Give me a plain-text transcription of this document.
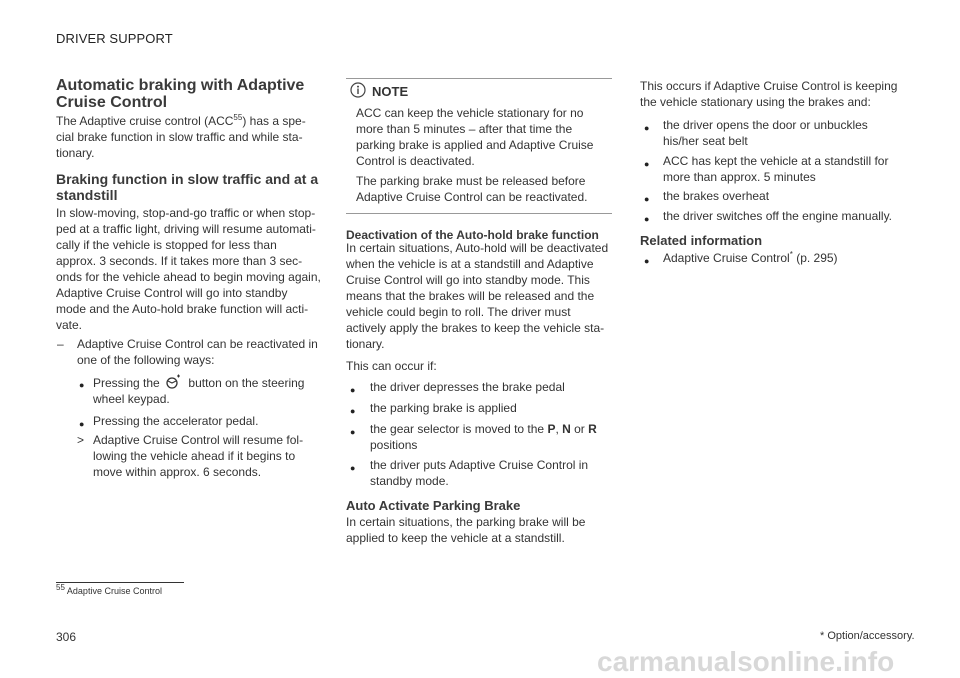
DRIVER SUPPORT
Automatic braking with Adaptive
Cruise Control
The Adaptive cruise control (ACC$^{55}$) has a spe-
cial brake function in slow traffic and while sta-
tionary.
Braking function in slow traffic and at a
standstill
In slow-moving, stop-and-go traffic or when stop-
ped at a traffic light, driving will resume automati-
cally if the vehicle is stopped for less than
approx. 3 seconds. If it takes more than 3 sec-
onds for the vehicle ahead to begin moving again,
Adaptive Cruise Control will go into standby
mode and the Auto-hold brake function will acti-
vate.
– Adaptive Cruise Control can be reactivated in
one of the following ways:
● Pressing the button on the steering
wheel keypad.
● Pressing the accelerator pedal.
> Adaptive Cruise Control will resume fol-
lowing the vehicle ahead if it begins to
move within approx. 6 seconds.
NOTE
ACC can keep the vehicle stationary for no
more than 5 minutes – after that time the
parking brake is applied and Adaptive Cruise
Control is deactivated.
The parking brake must be released before
Adaptive Cruise Control can be reactivated.
Deactivation of the Auto-hold brake function
In certain situations, Auto-hold will be deactivated
when the vehicle is at a standstill and Adaptive
Cruise Control will go into standby mode. This
means that the brakes will be released and the
vehicle could begin to roll. The driver must
actively apply the brakes to keep the vehicle sta-
tionary.
This can occur if:
● the driver depresses the brake pedal
● the parking brake is applied
● the gear selector is moved to the P, N or R
positions
● the driver puts Adaptive Cruise Control in
standby mode.
Auto Activate Parking Brake
In certain situations, the parking brake will be
applied to keep the vehicle at a standstill.
This occurs if Adaptive Cruise Control is keeping
the vehicle stationary using the brakes and:
● the driver opens the door or unbuckles
his/her seat belt
● ACC has kept the vehicle at a standstill for
more than approx. 5 minutes
● the brakes overheat
● the driver switches off the engine manually.
Related information
● Adaptive Cruise Control* (p. 295)
$^{55}$ Adaptive Cruise Control
306	* Option/accessory.
carmanualsonline.info
